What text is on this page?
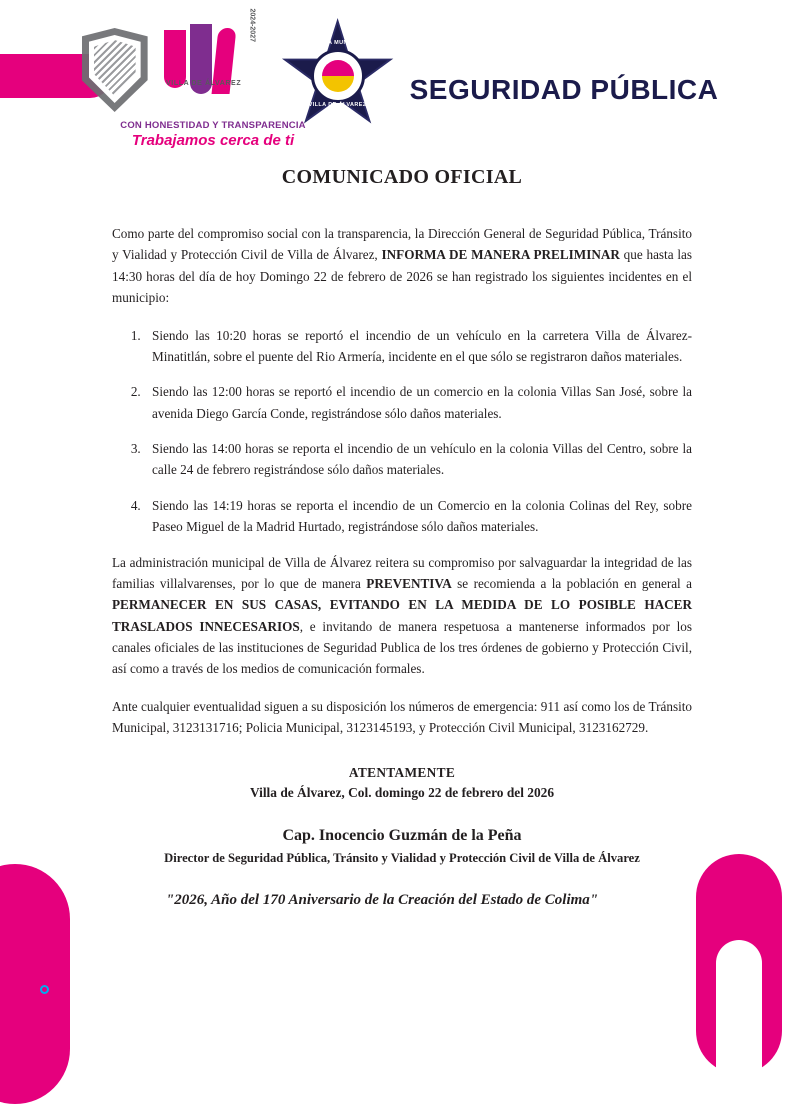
VILLA DE ÁLVAREZ
2024-2027
POLICÍA MUNICIPAL
VILLA DE ÁLVAREZ	SEGURIDAD PÚBLICA
CON HONESTIDAD Y TRANSPARENCIA
Trabajamos cerca de ti
COMUNICADO OFICIAL

Como parte del compromiso social con la transparencia, la Dirección General de Seguridad Pública, Tránsito y Vialidad y Protección Civil de Villa de Álvarez, INFORMA DE MANERA PRELIMINAR que hasta las 14:30 horas del día de hoy Domingo 22 de febrero de 2026 se han registrado los siguientes incidentes en el municipio:

1. Siendo las 10:20 horas se reportó el incendio de un vehículo en la carretera Villa de Álvarez-Minatitlán, sobre el puente del Rio Armería, incidente en el que sólo se registraron daños materiales.
2. Siendo las 12:00 horas se reportó el incendio de un comercio en la colonia Villas San José, sobre la avenida Diego García Conde, registrándose sólo daños materiales.
3. Siendo las 14:00 horas se reporta el incendio de un vehículo en la colonia Villas del Centro, sobre la calle 24 de febrero registrándose sólo daños materiales.
4. Siendo las 14:19 horas se reporta el incendio de un Comercio en la colonia Colinas del Rey, sobre Paseo Miguel de la Madrid Hurtado, registrándose sólo daños materiales.

La administración municipal de Villa de Álvarez reitera su compromiso por salvaguardar la integridad de las familias villalvarenses, por lo que de manera PREVENTIVA se recomienda a la población en general a PERMANECER EN SUS CASAS, EVITANDO EN LA MEDIDA DE LO POSIBLE HACER TRASLADOS INNECESARIOS, e invitando de manera respetuosa a mantenerse informados por los canales oficiales de las instituciones de Seguridad Publica de los tres órdenes de gobierno y Protección Civil, así como a través de los medios de comunicación formales.

Ante cualquier eventualidad siguen a su disposición los números de emergencia: 911 así como los de Tránsito Municipal, 3123131716; Policia Municipal, 3123145193, y Protección Civil Municipal, 3123162729.

ATENTAMENTE
Villa de Álvarez, Col. domingo 22 de febrero del 2026
Cap. Inocencio Guzmán de la Peña
Director de Seguridad Pública, Tránsito y Vialidad y Protección Civil de Villa de Álvarez
"2026, Año del 170 Aniversario de la Creación del Estado de Colima"
